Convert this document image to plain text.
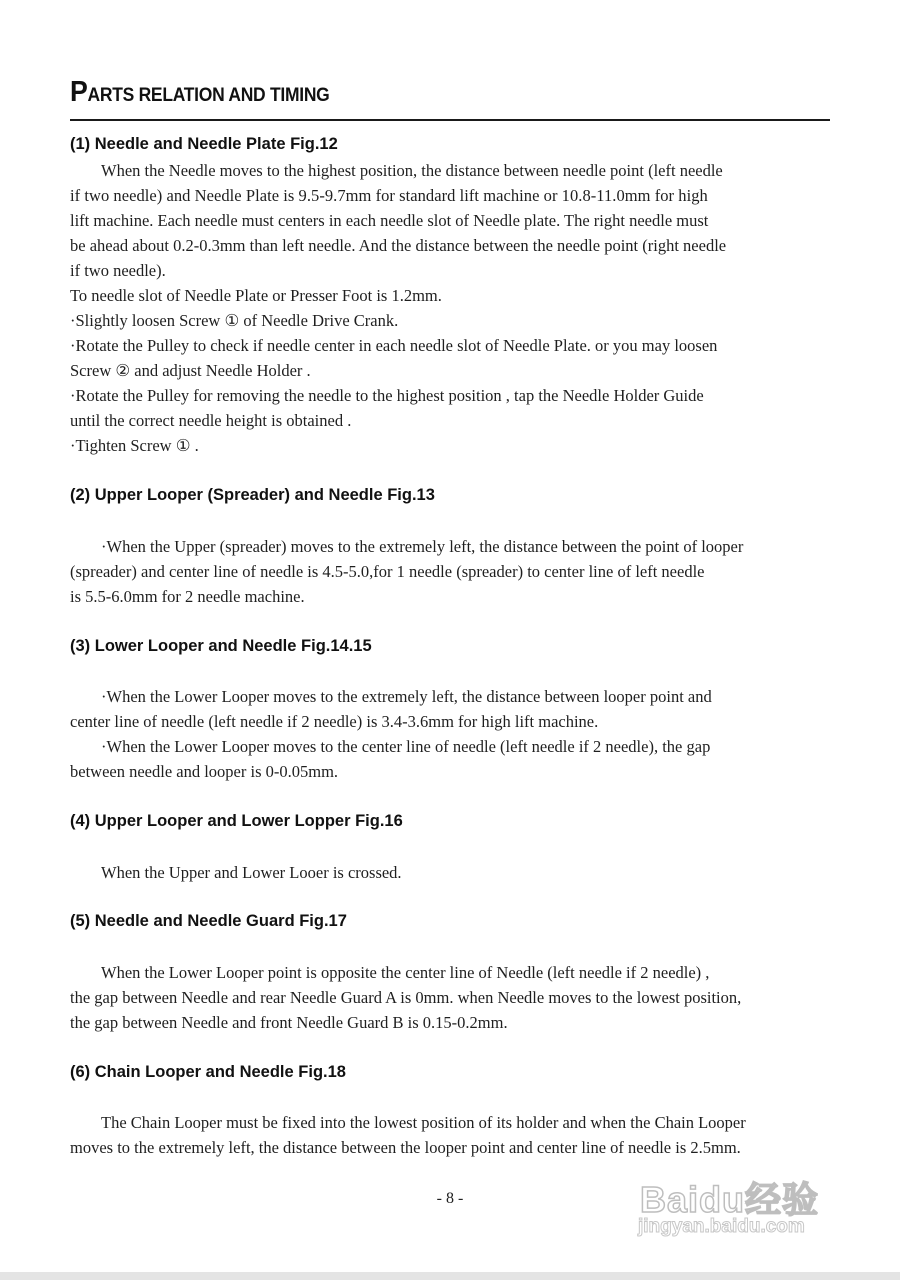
PARTS RELATION AND TIMING
(1) Needle and Needle Plate Fig.12
When the Needle moves to the highest position, the distance between needle point (left needle
if two needle) and Needle Plate is 9.5-9.7mm for standard lift machine or 10.8-11.0mm for high
lift machine. Each needle must centers in each needle slot of Needle plate. The right needle must
be ahead about 0.2-0.3mm than left needle. And the distance between the needle point (right needle
if two needle).
To needle slot of Needle Plate or Presser Foot is 1.2mm.
·Slightly loosen Screw ① of Needle Drive Crank.
·Rotate the Pulley to check if needle center in each needle slot of Needle Plate. or you may loosen
Screw ② and adjust Needle Holder .
·Rotate the Pulley for removing the needle to the highest position , tap the Needle Holder Guide
until the correct needle height is obtained .
·Tighten Screw ① .
(2) Upper Looper (Spreader) and Needle Fig.13
·When the Upper (spreader) moves to the extremely left, the distance between the point of looper
(spreader) and center line of needle is 4.5-5.0,for 1 needle (spreader) to center line of left needle
is 5.5-6.0mm for 2 needle machine.
(3) Lower Looper and Needle Fig.14.15
·When the Lower Looper moves to the extremely left, the distance between looper point and
center line of needle (left needle if 2 needle) is 3.4-3.6mm for high lift machine.
·When the Lower Looper moves to the center line of needle (left needle if 2 needle), the gap
between needle and looper is 0-0.05mm.
(4) Upper Looper and Lower Lopper Fig.16
When the Upper and Lower Looer is crossed.
(5) Needle and Needle Guard Fig.17
When the Lower Looper point is opposite the center line of Needle (left needle if 2 needle) ,
the gap between Needle and rear Needle Guard A is 0mm. when Needle moves to the lowest position,
the gap between Needle and front Needle Guard B is 0.15-0.2mm.
(6) Chain Looper and Needle Fig.18
The Chain Looper must be fixed into the lowest position of its holder and when the Chain Looper
moves to the extremely left, the distance between the looper point and center line of needle is 2.5mm.
- 8 -	Baidu经验
jingyan.baidu.com
